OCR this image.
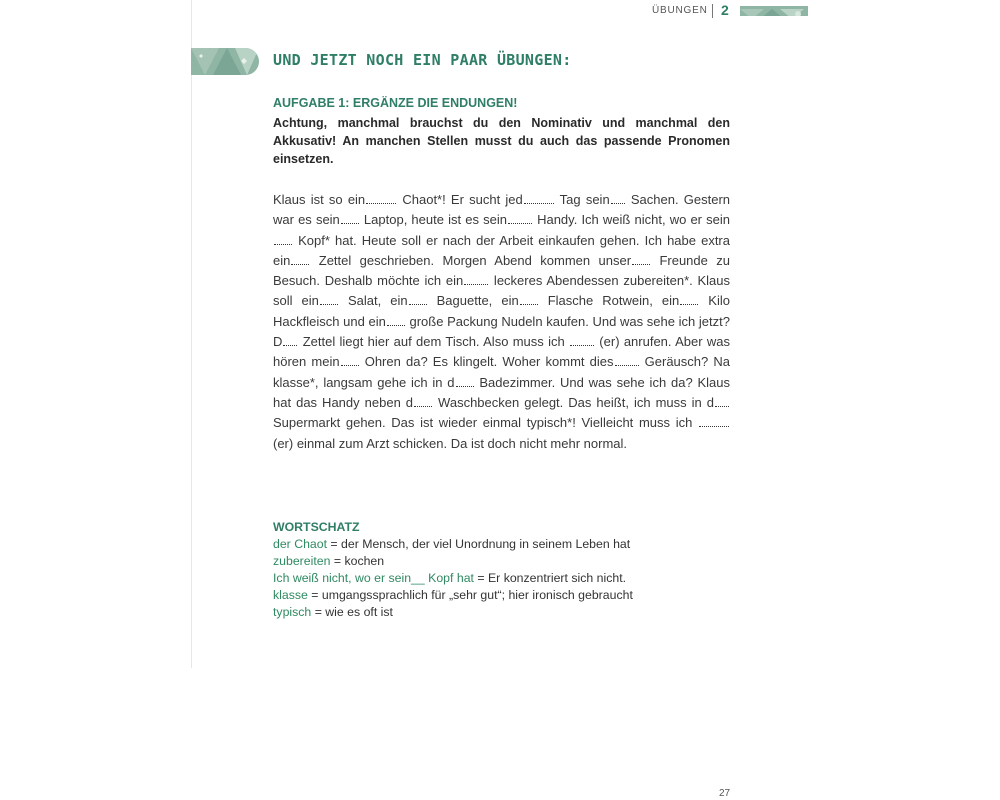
ÜBUNGEN 2
UND JETZT NOCH EIN PAAR ÜBUNGEN:
AUFGABE 1: ERGÄNZE DIE ENDUNGEN!
Achtung, manchmal brauchst du den Nominativ und manchmal den Akkusativ! An manchen Stellen musst du auch das passende Pronomen einsetzen.
Klaus ist so ein Chaot*! Er sucht jed Tag sein Sachen. Gestern war es sein Laptop, heute ist es sein Handy. Ich weiß nicht, wo er sein Kopf* hat. Heute soll er nach der Arbeit einkaufen gehen. Ich habe extra ein Zettel geschrieben. Morgen Abend kommen unser Freunde zu Besuch. Deshalb möchte ich ein leckeres Abendessen zubereiten*. Klaus soll ein Salat, ein Baguette, ein Flasche Rotwein, ein Kilo Hackfleisch und ein große Packung Nudeln kaufen. Und was sehe ich jetzt? D Zettel liegt hier auf dem Tisch. Also muss ich  (er) anrufen. Aber was hören mein Ohren da? Es klingelt. Woher kommt dies Geräusch? Na klasse*, langsam gehe ich in d Badezimmer. Und was sehe ich da? Klaus hat das Handy neben d Waschbecken gelegt. Das heißt, ich muss in d Supermarkt gehen. Das ist wieder einmal typisch*! Vielleicht muss ich  (er) einmal zum Arzt schicken. Da ist doch nicht mehr normal.
WORTSCHATZ
der Chaot = der Mensch, der viel Unordnung in seinem Leben hat
zubereiten = kochen
Ich weiß nicht, wo er sein__ Kopf hat = Er konzentriert sich nicht.
klasse = umgangssprachlich für „sehr gut“; hier ironisch gebraucht
typisch = wie es oft ist
27
